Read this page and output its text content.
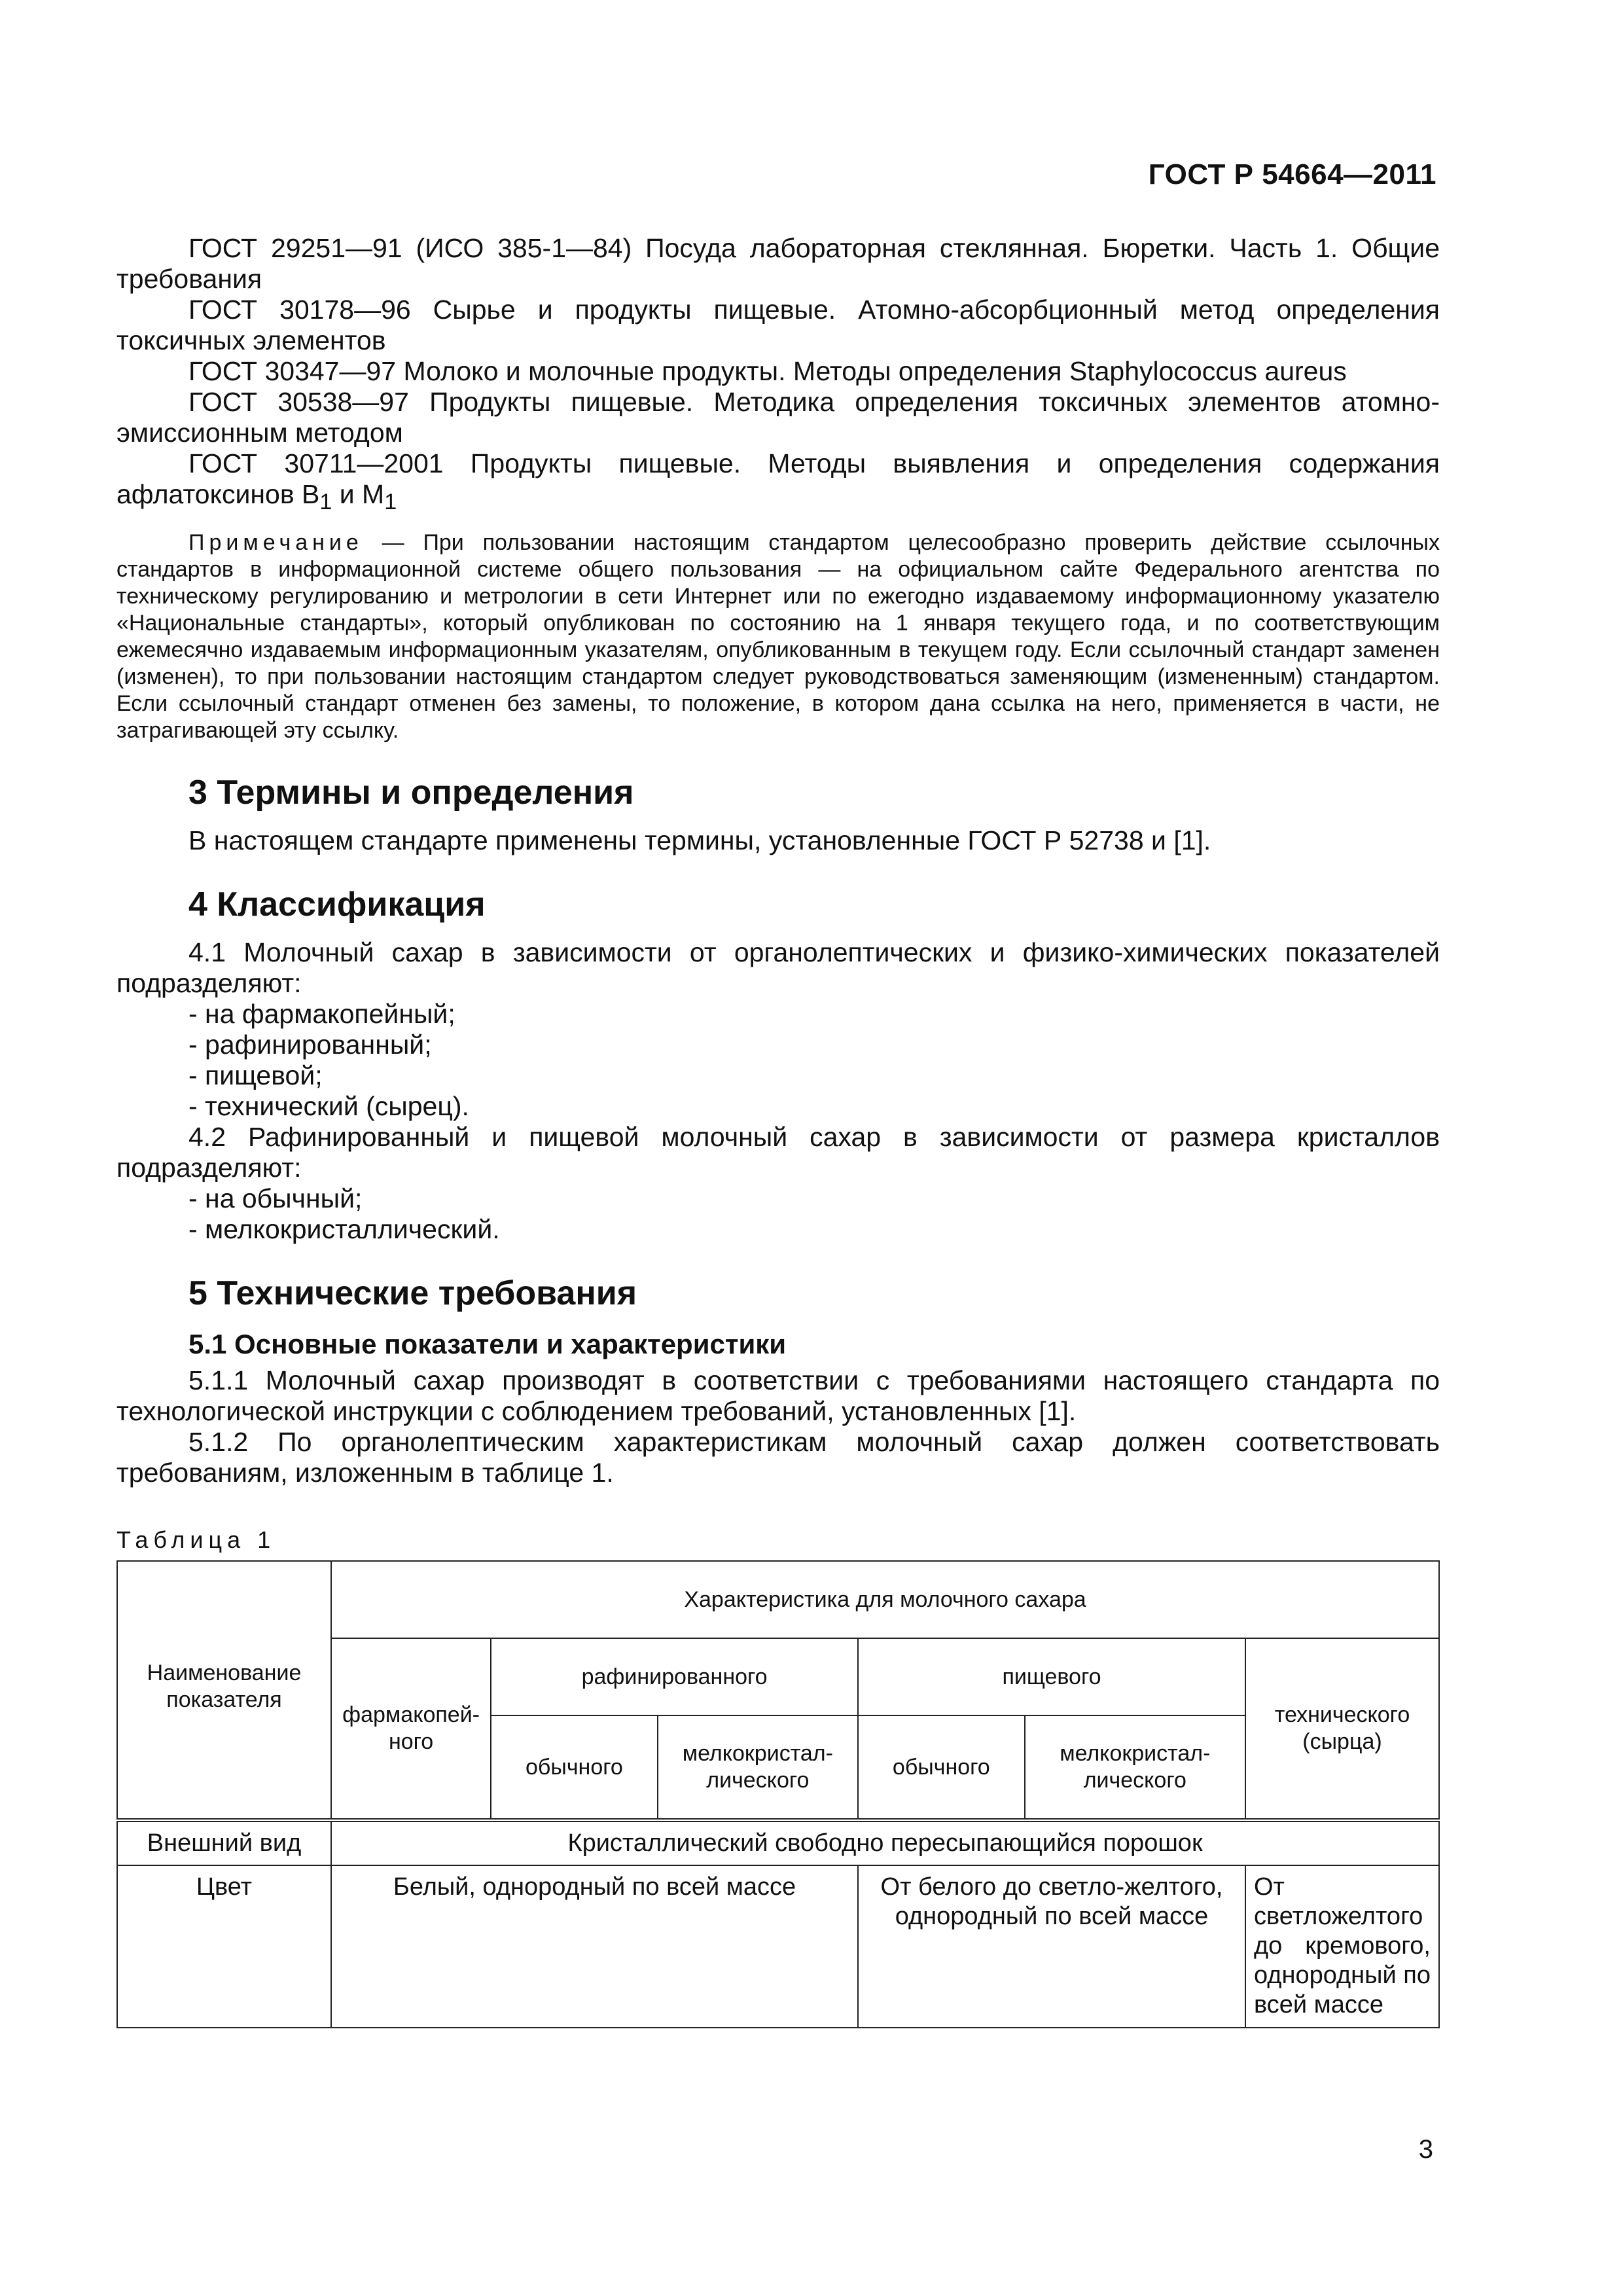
ГОСТ Р 54664—2011

ГОСТ 29251—91 (ИСО 385-1—84) Посуда лабораторная стеклянная. Бюретки. Часть 1. Общие требования

ГОСТ 30178—96 Сырье и продукты пищевые. Атомно-абсорбционный метод определения токсичных элементов

ГОСТ 30347—97 Молоко и молочные продукты. Методы определения Staphylococcus aureus

ГОСТ 30538—97 Продукты пищевые. Методика определения токсичных элементов атомно-эмиссионным методом

ГОСТ 30711—2001 Продукты пищевые. Методы выявления и определения содержания афлатоксинов $B_1$ и $M_1$

Примечание — При пользовании настоящим стандартом целесообразно проверить действие ссылочных стандартов в информационной системе общего пользования — на официальном сайте Федерального агентства по техническому регулированию и метрологии в сети Интернет или по ежегодно издаваемому информационному указателю «Национальные стандарты», который опубликован по состоянию на 1 января текущего года, и по соответствующим ежемесячно издаваемым информационным указателям, опубликованным в текущем году. Если ссылочный стандарт заменен (изменен), то при пользовании настоящим стандартом следует руководствоваться заменяющим (измененным) стандартом. Если ссылочный стандарт отменен без замены, то положение, в котором дана ссылка на него, применяется в части, не затрагивающей эту ссылку.

3 Термины и определения

В настоящем стандарте применены термины, установленные ГОСТ Р 52738 и [1].

4 Классификация

4.1 Молочный сахар в зависимости от органолептических и физико-химических показателей подразделяют:

- на фармакопейный;
- рафинированный;
- пищевой;
- технический (сырец).

4.2 Рафинированный и пищевой молочный сахар в зависимости от размера кристаллов подразделяют:

- на обычный;
- мелкокристаллический.
5 Технические требования
5.1 Основные показатели и характеристики

5.1.1 Молочный сахар производят в соответствии с требованиями настоящего стандарта по технологической инструкции с соблюдением требований, установленных [1].

5.1.2 По органолептическим характеристикам молочный сахар должен соответствовать требованиям, изложенным в таблице 1.

Таблица 1
Наименование показателя	Характеристика для молочного сахара					
	фармакопей-ного	рафинированного		пищевого		технического (сырца)
		обычного	мелкокристал-лического	обычного	мелкокристал-лического	
Внешний вид	Кристаллический свободно пересыпающийся порошок					
Цвет	Белый, однородный по всей массе			От белого до светло-желтого, однородный по всей массе		От светложелтого до кремового, однородный по всей массе
3
